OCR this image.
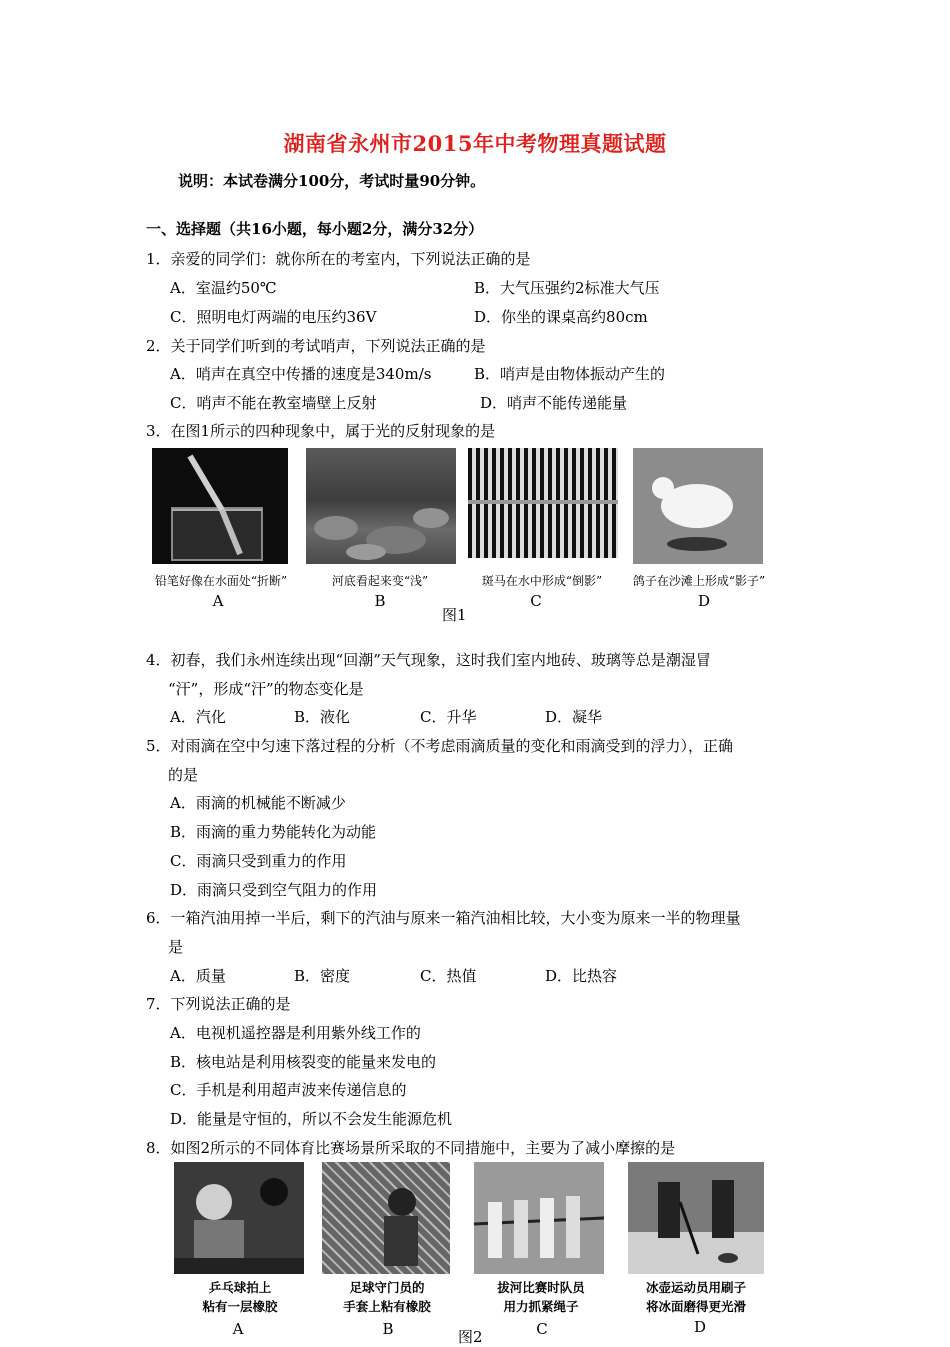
湖南省永州市2015年中考物理真题试题
说明：本试卷满分100分，考试时量90分钟。
一、选择题（共16小题，每小题2分，满分32分）
1．亲爱的同学们：就你所在的考室内，下列说法正确的是
A．室温约50℃	B．大气压强约2标准大气压
C．照明电灯两端的电压约36V	D．你坐的课桌高约80cm
2．关于同学们听到的考试哨声，下列说法正确的是
A．哨声在真空中传播的速度是340m/s	B．哨声是由物体振动产生的
C．哨声不能在教室墙壁上反射	D．哨声不能传递能量
3．在图1所示的四种现象中，属于光的反射现象的是
铅笔好像在水面处“折断”	河底看起来变“浅”	斑马在水中形成“倒影”	鸽子在沙滩上形成“影子”
A	B	C	D
图1
4．初春，我们永州连续出现“回潮”天气现象，这时我们室内地砖、玻璃等总是潮湿冒
“汗”，形成“汗”的物态变化是
A．汽化	B．液化	C．升华	D．凝华
5．对雨滴在空中匀速下落过程的分析（不考虑雨滴质量的变化和雨滴受到的浮力），正确
的是
A．雨滴的机械能不断减少
B．雨滴的重力势能转化为动能
C．雨滴只受到重力的作用
D．雨滴只受到空气阻力的作用
6．一箱汽油用掉一半后，剩下的汽油与原来一箱汽油相比较，大小变为原来一半的物理量
是
A．质量	B．密度	C．热值	D．比热容
7．下列说法正确的是
A．电视机遥控器是利用紫外线工作的
B．核电站是利用核裂变的能量来发电的
C．手机是利用超声波来传递信息的
D．能量是守恒的，所以不会发生能源危机
8．如图2所示的不同体育比赛场景所采取的不同措施中，主要为了减小摩擦的是
乒乓球拍上
粘有一层橡胶
足球守门员的
手套上粘有橡胶
拔河比赛时队员
用力抓紧绳子
冰壶运动员用刷子
将冰面磨得更光滑
A	B	C	D
图2
